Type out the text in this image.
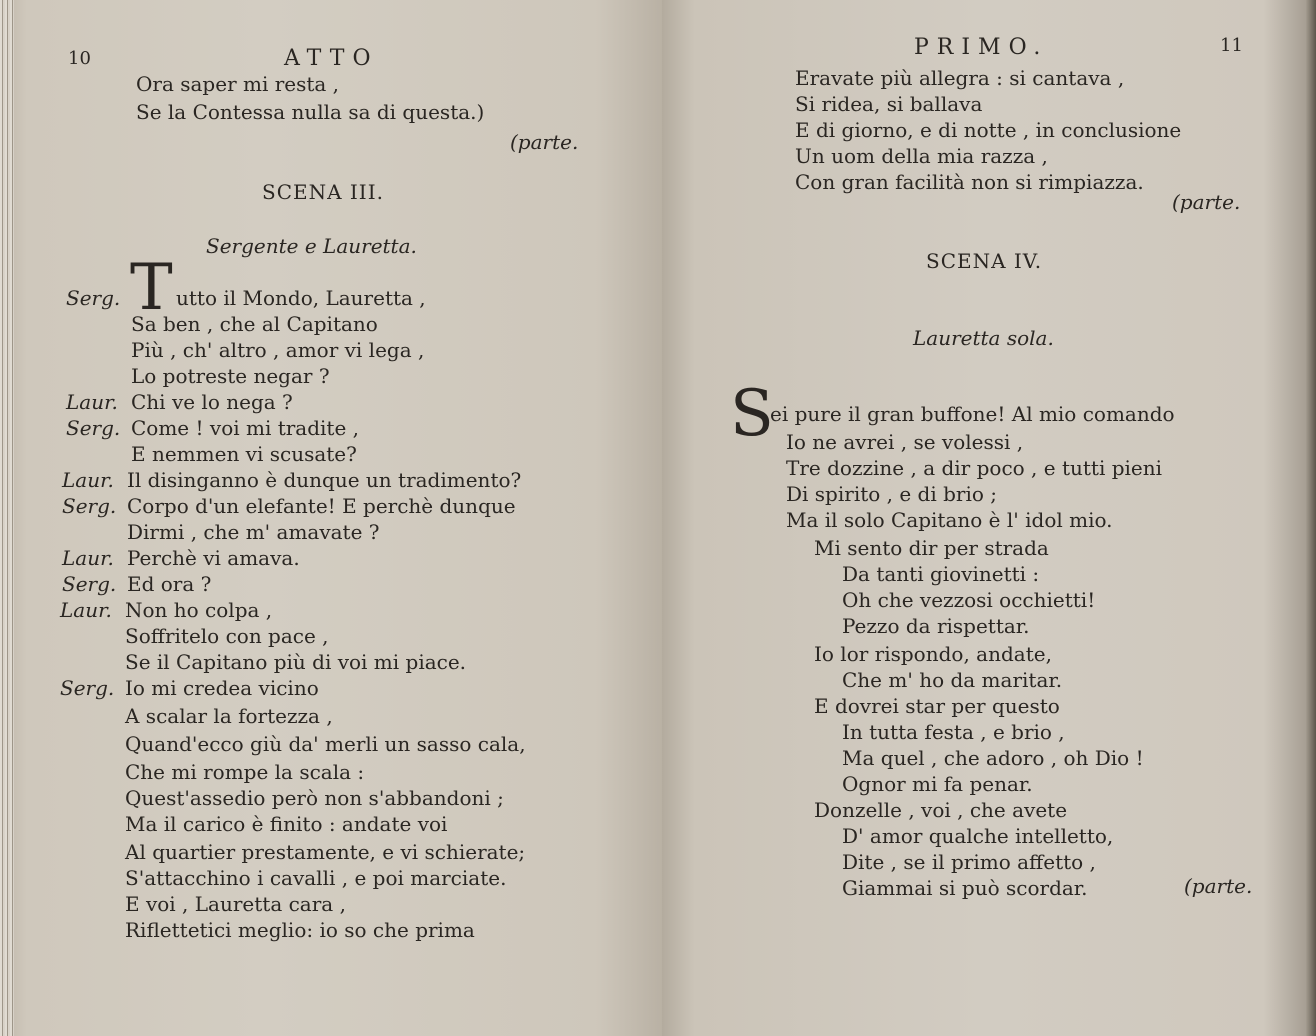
10	ATTO
Ora saper mi resta ,
Se la Contessa nulla sa di questa.)
(parte.
SCENA III.
Sergente e Lauretta.
T
Serg.	utto il Mondo, Lauretta ,
Sa ben , che al Capitano
Più , ch' altro , amor vi lega ,
Lo potreste negar ?
Laur. Chi ve lo nega ?
Serg. Come ! voi mi tradite ,
E nemmen vi scusate?
Laur. Il disinganno è dunque un tradimento?
Serg. Corpo d'un elefante! E perchè dunque
Dirmi , che m' amavate ?
Laur. Perchè vi amava.
Serg. Ed ora ?
Laur. Non ho colpa ,
Soffritelo con pace ,
Se il Capitano più di voi mi piace.
Serg. Io mi credea vicino
A scalar la fortezza ,
Quand'ecco giù da' merli un sasso cala,
Che mi rompe la scala :
Quest'assedio però non s'abbandoni ;
Ma il carico è finito : andate voi
Al quartier prestamente, e vi schierate;
S'attacchino i cavalli , e poi marciate.
E voi , Lauretta cara ,
Riflettetici meglio: io so che prima
PRIMO.	11
Eravate più allegra : si cantava ,
Si ridea, si ballava
E di giorno, e di notte , in conclusione
Un uom della mia razza ,
Con gran facilità non si rimpiazza.
(parte.
SCENA IV.
Lauretta sola.
S
ei pure il gran buffone! Al mio comando
Io ne avrei , se volessi ,
Tre dozzine , a dir poco , e tutti pieni
Di spirito , e di brio ;
Ma il solo Capitano è l' idol mio.
Mi sento dir per strada
Da tanti giovinetti :
Oh che vezzosi occhietti!
Pezzo da rispettar.
Io lor rispondo, andate,
Che m' ho da maritar.
E dovrei star per questo
In tutta festa , e brio ,
Ma quel , che adoro , oh Dio !
Ognor mi fa penar.
Donzelle , voi , che avete
D' amor qualche intelletto,
Dite , se il primo affetto ,
Giammai si può scordar.	(parte.
